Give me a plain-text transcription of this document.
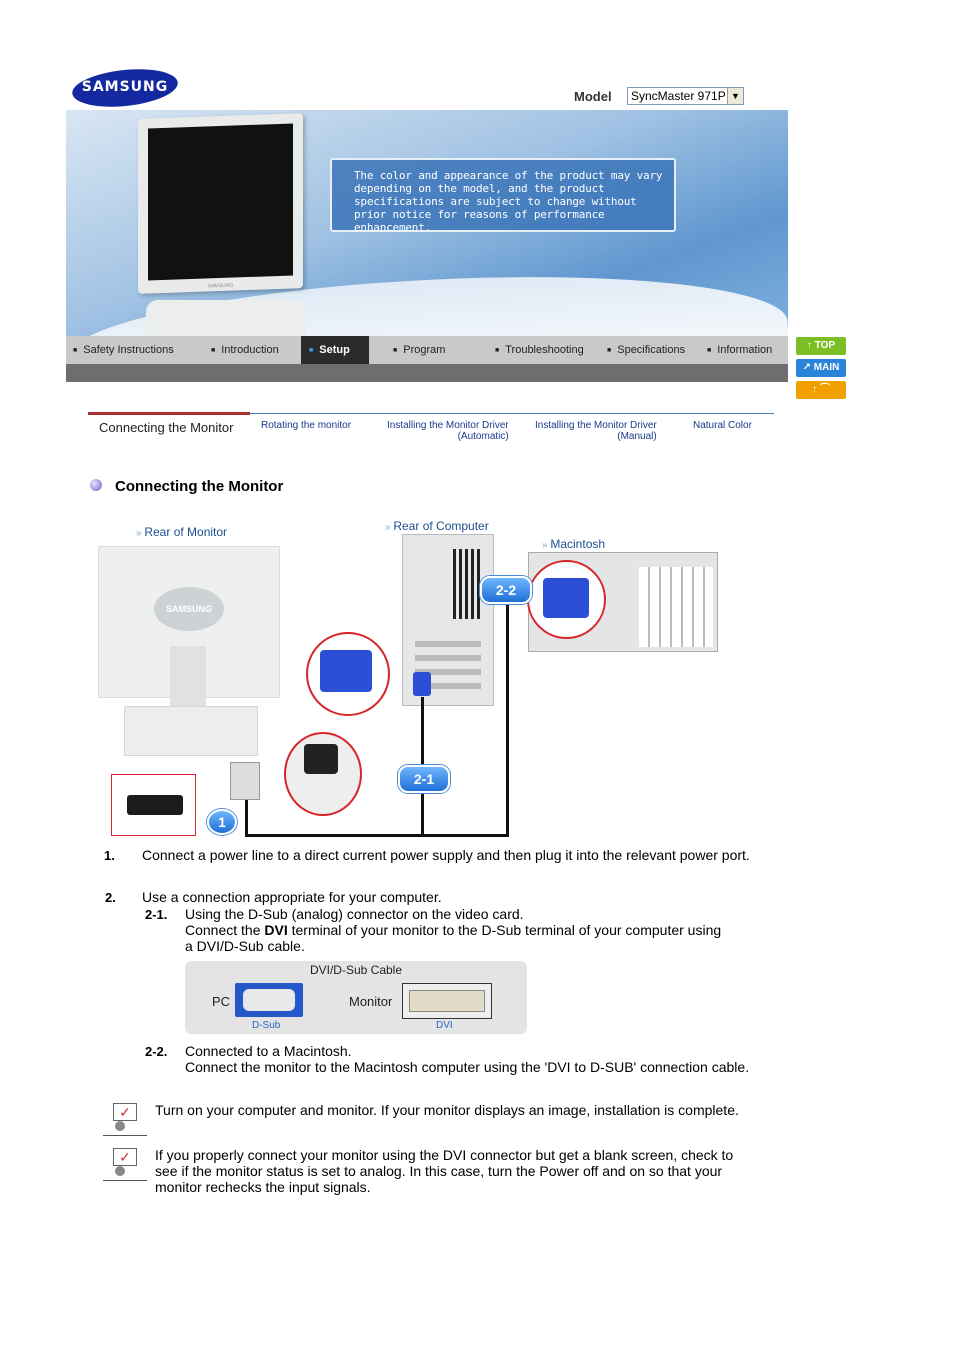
SAMSUNG
Model SyncMaster 971P ▼
SAMSUNG
The color and appearance of the product may vary depending on the model, and the product specifications are subject to change without prior notice for reasons of performance enhancement.
■ Safety Instructions	■ Introduction	■ Setup	■ Program	■ Troubleshooting	■ Specifications	■ Information	↑ TOP
↗ MAIN
↑ ⌒
Connecting the Monitor	Rotating the monitor	Installing the Monitor Driver
(Automatic)
Installing the Monitor Driver
(Manual)
Natural Color
Connecting the Monitor
» Rear of Monitor	» Rear of Computer
» Macintosh
SAMSUNG
1
2-1
2-2
1. Connect a power line to a direct current power supply and then plug it into the relevant power port.
2. Use a connection appropriate for your computer.
2-1. Using the D-Sub (analog) connector on the video card.
Connect the DVI terminal of your monitor to the D-Sub terminal of your computer using
a DVI/D-Sub cable.
DVI/D-Sub Cable
PC	Monitor
D-Sub	DVI
2-2. Connected to a Macintosh.
Connect the monitor to the Macintosh computer using the 'DVI to D-SUB' connection cable.
✓	Turn on your computer and monitor. If your monitor displays an image, installation is complete.
✓	If you properly connect your monitor using the DVI connector but get a blank screen, check to see if the monitor status is set to analog. In this case, turn the Power off and on so that your monitor rechecks the input signals.
